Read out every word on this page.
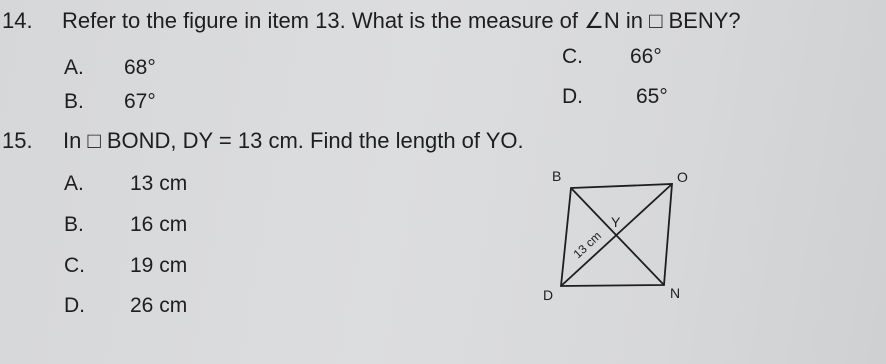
14. Refer to the figure in item 13. What is the measure of ∠N in □ BENY?
A. 68°
B. 67°
C. 66°
D.	65°
15. In □ BOND, DY = 13 cm. Find the length of YO.
A. 13 cm
B. 16 cm
C. 19 cm
D. 26 cm
B	O
N
D
Y
13 cm
